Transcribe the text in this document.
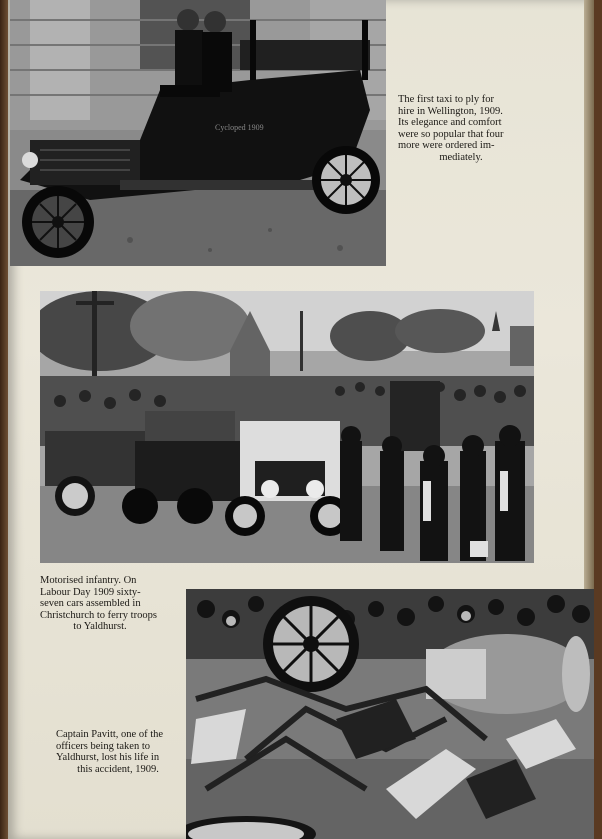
Cycloped 1909
The first taxi to ply for
hire in Wellington, 1909.
Its elegance and comfort
were so popular that four
more were ordered im-
mediately.
Motorised infantry. On
Labour Day 1909 sixty-
seven cars assembled in
Christchurch to ferry troops
to Yaldhurst.
Captain Pavitt, one of the
officers being taken to
Yaldhurst, lost his life in
this accident, 1909.
